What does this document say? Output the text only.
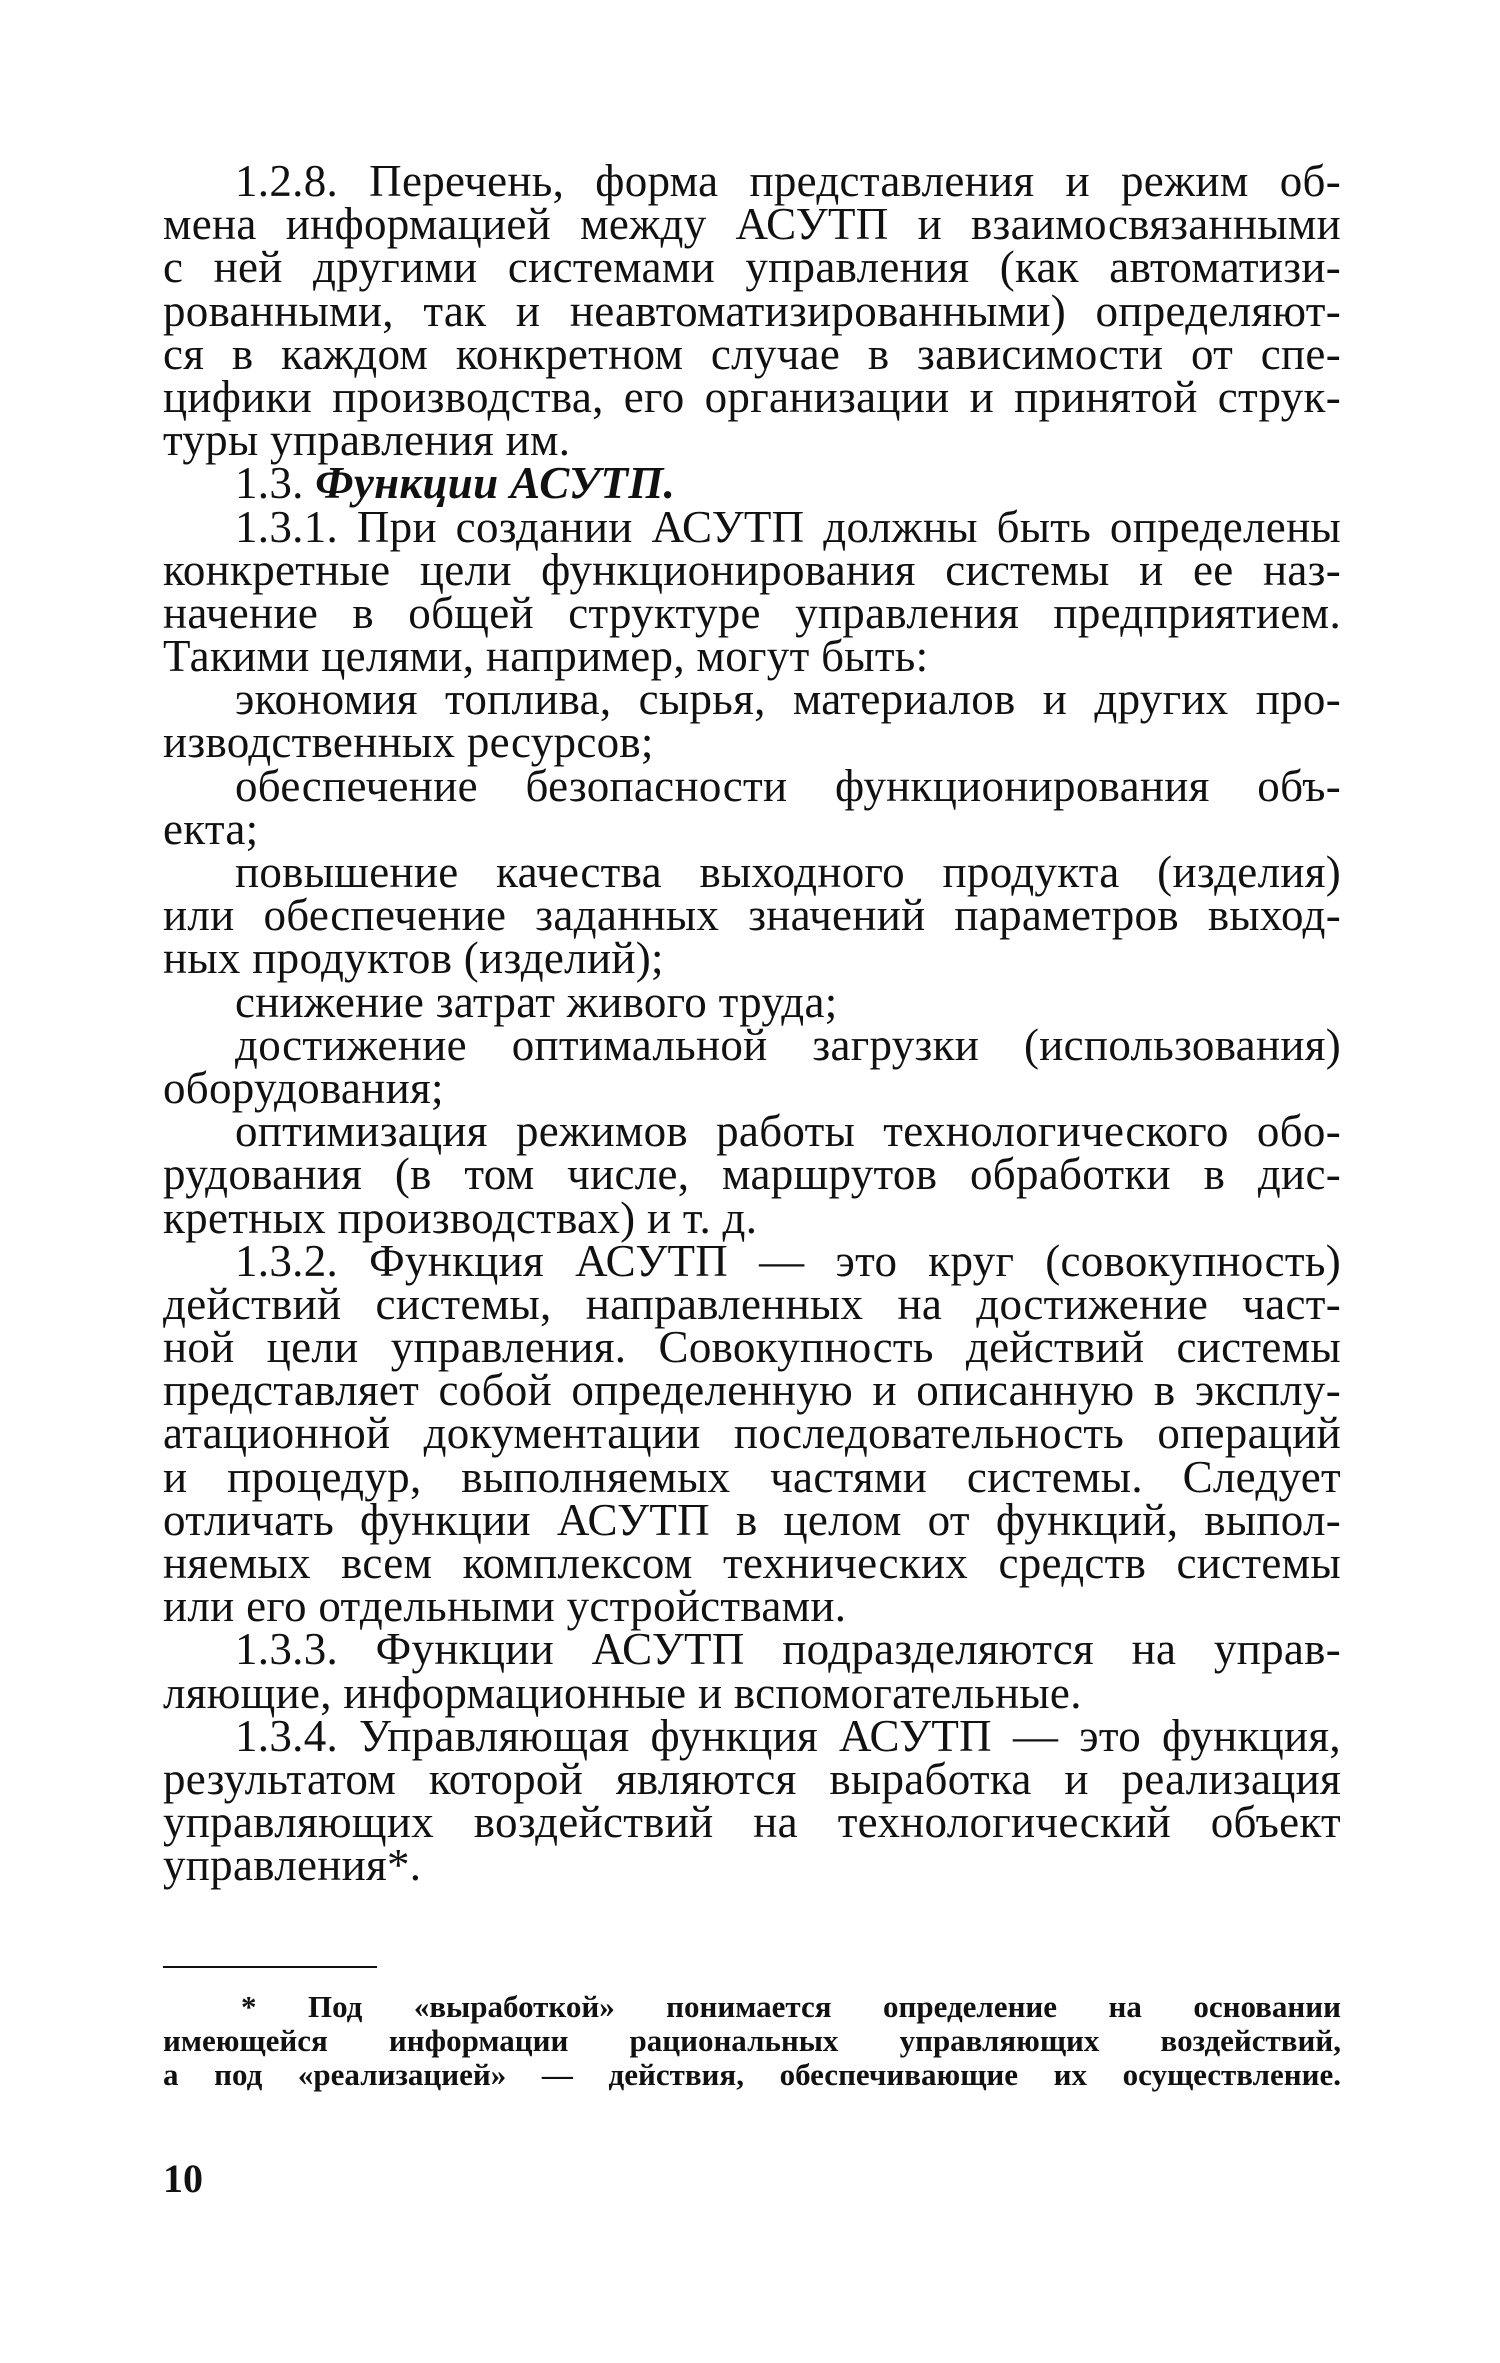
1.2.8. Перечень, форма представления и режим об-
мена информацией между АСУТП и взаимосвязанными
с ней другими системами управления (как автоматизи-
рованными, так и неавтоматизированными) определяют-
ся в каждом конкретном случае в зависимости от спе-
цифики производства, его организации и принятой струк-
туры управления им.
1.3. Функции АСУТП.
1.3.1. При создании АСУТП должны быть определены
конкретные цели функционирования системы и ее наз-
начение в общей структуре управления предприятием.
Такими целями, например, могут быть:
экономия топлива, сырья, материалов и других про-
изводственных ресурсов;
обеспечение безопасности функционирования объ-
екта;
повышение качества выходного продукта (изделия)
или обеспечение заданных значений параметров выход-
ных продуктов (изделий);
снижение затрат живого труда;
достижение оптимальной загрузки (использования)
оборудования;
оптимизация режимов работы технологического обо-
рудования (в том числе, маршрутов обработки в дис-
кретных производствах) и т. д.
1.3.2. Функция АСУТП — это круг (совокупность)
действий системы, направленных на достижение част-
ной цели управления. Совокупность действий системы
представляет собой определенную и описанную в эксплу-
атационной документации последовательность операций
и процедур, выполняемых частями системы. Следует
отличать функции АСУТП в целом от функций, выпол-
няемых всем комплексом технических средств системы
или его отдельными устройствами.
1.3.3. Функции АСУТП подразделяются на управ-
ляющие, информационные и вспомогательные.
1.3.4. Управляющая функция АСУТП — это функция,
результатом которой являются выработка и реализация
управляющих воздействий на технологический объект
управления*.
* Под «выработкой» понимается определение на основании
имеющейся информации рациональных управляющих воздействий,
а под «реализацией» — действия, обеспечивающие их осуществление.
10
